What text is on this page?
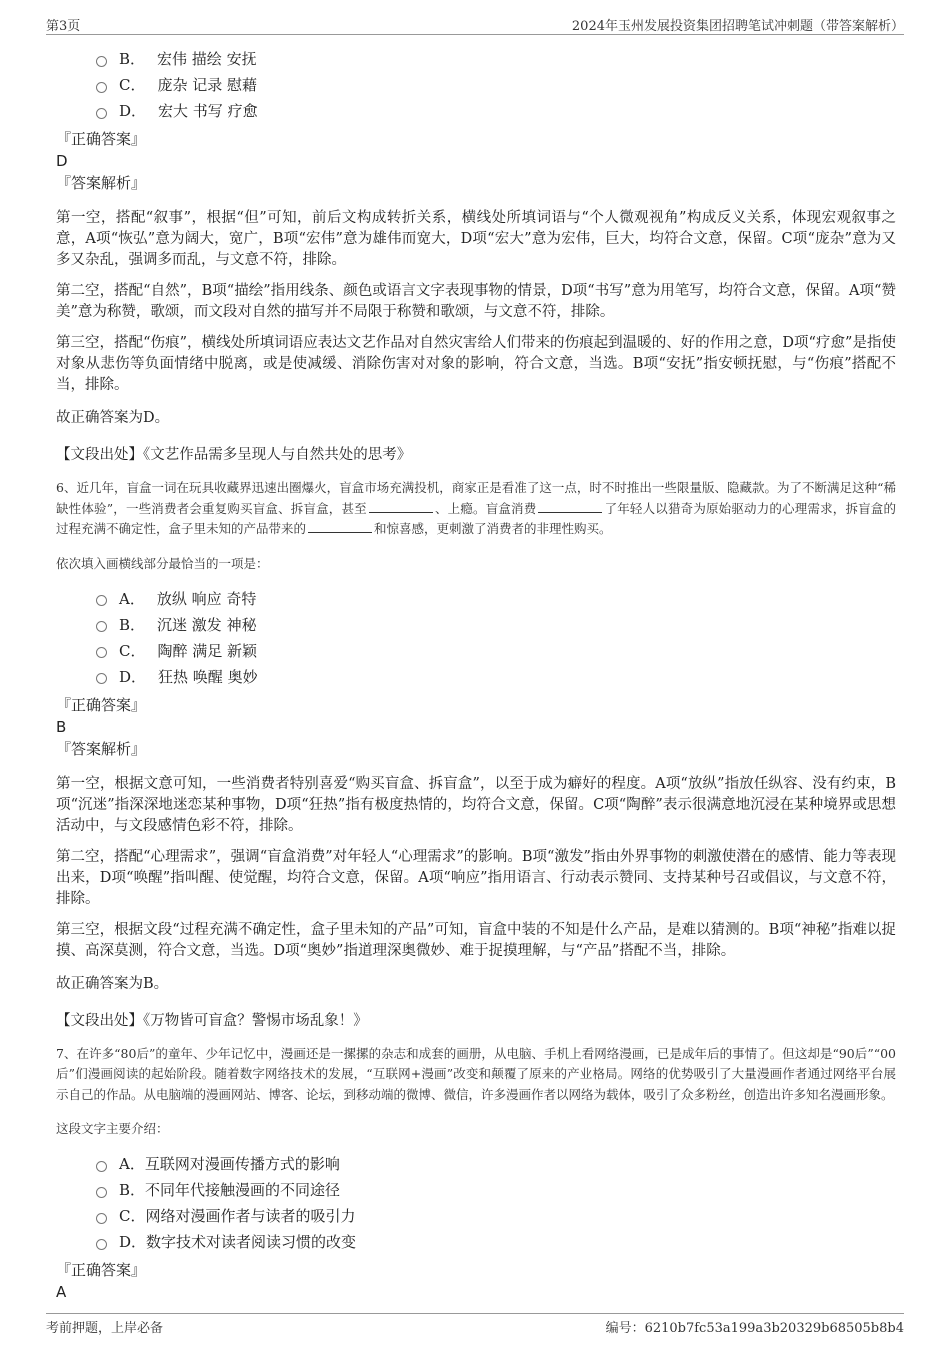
第3页	2024年玉州发展投资集团招聘笔试冲刺题（带答案解析）
B． 宏伟 描绘 安抚
C． 庞杂 记录 慰藉
D． 宏大 书写 疗愈
『正确答案』
D
『答案解析』

第一空，搭配“叙事”，根据“但”可知，前后文构成转折关系，横线处所填词语与“个人微观视角”构成反义关系，体现宏观叙事之意，A项“恢弘”意为阔大，宽广，B项“宏伟”意为雄伟而宽大，D项“宏大”意为宏伟，巨大，均符合文意，保留。C项“庞杂”意为又多又杂乱，强调多而乱，与文意不符，排除。

第二空，搭配“自然”，B项“描绘”指用线条、颜色或语言文字表现事物的情景，D项“书写”意为用笔写，均符合文意，保留。A项“赞美”意为称赞，歌颂，而文段对自然的描写并不局限于称赞和歌颂，与文意不符，排除。

第三空，搭配“伤痕”，横线处所填词语应表达文艺作品对自然灾害给人们带来的伤痕起到温暖的、好的作用之意，D项“疗愈”是指使对象从悲伤等负面情绪中脱离，或是使减缓、消除伤害对对象的影响，符合文意，当选。B项“安抚”指安顿抚慰，与“伤痕”搭配不当，排除。

故正确答案为D。

【文段出处】《文艺作品需多呈现人与自然共处的思考》
6、近几年，盲盒一词在玩具收藏界迅速出圈爆火，盲盒市场充满投机，商家正是看准了这一点，时不时推出一些限量版、隐藏款。为了不断满足这种“稀缺性体验”，一些消费者会重复购买盲盒、拆盲盒，甚至	、上瘾。盲盒消费	了年轻人以猎奇为原始驱动力的心理需求，拆盲盒的过程充满不确定性，盒子里未知的产品带来的	和惊喜感，更刺激了消费者的非理性购买。
依次填入画横线部分最恰当的一项是：
A． 放纵 响应 奇特
B． 沉迷 激发 神秘
C． 陶醉 满足 新颖
D． 狂热 唤醒 奥妙
『正确答案』
B
『答案解析』

第一空，根据文意可知，一些消费者特别喜爱“购买盲盒、拆盲盒”，以至于成为癖好的程度。A项“放纵”指放任纵容、没有约束，B项“沉迷”指深深地迷恋某种事物，D项“狂热”指有极度热情的，均符合文意，保留。C项“陶醉”表示很满意地沉浸在某种境界或思想活动中，与文段感情色彩不符，排除。

第二空，搭配“心理需求”，强调“盲盒消费”对年轻人“心理需求”的影响。B项“激发”指由外界事物的刺激使潜在的感情、能力等表现出来，D项“唤醒”指叫醒、使觉醒，均符合文意，保留。A项“响应”指用语言、行动表示赞同、支持某种号召或倡议，与文意不符，排除。

第三空，根据文段“过程充满不确定性，盒子里未知的产品”可知，盲盒中装的不知是什么产品，是难以猜测的。B项“神秘”指难以捉摸、高深莫测，符合文意，当选。D项“奥妙”指道理深奥微妙、难于捉摸理解，与“产品”搭配不当，排除。

故正确答案为B。

【文段出处】《万物皆可盲盒？警惕市场乱象！》
7、在许多“80后”的童年、少年记忆中，漫画还是一摞摞的杂志和成套的画册，从电脑、手机上看网络漫画，已是成年后的事情了。但这却是“90后”“00后”们漫画阅读的起始阶段。随着数字网络技术的发展，“互联网+漫画”改变和颠覆了原来的产业格局。网络的优势吸引了大量漫画作者通过网络平台展示自己的作品。从电脑端的漫画网站、博客、论坛，到移动端的微博、微信，许多漫画作者以网络为载体，吸引了众多粉丝，创造出许多知名漫画形象。
这段文字主要介绍：
A． 互联网对漫画传播方式的影响
B． 不同年代接触漫画的不同途径
C． 网络对漫画作者与读者的吸引力
D． 数字技术对读者阅读习惯的改变
『正确答案』
A
考前押题，上岸必备	编号：6210b7fc53a199a3b20329b68505b8b4
